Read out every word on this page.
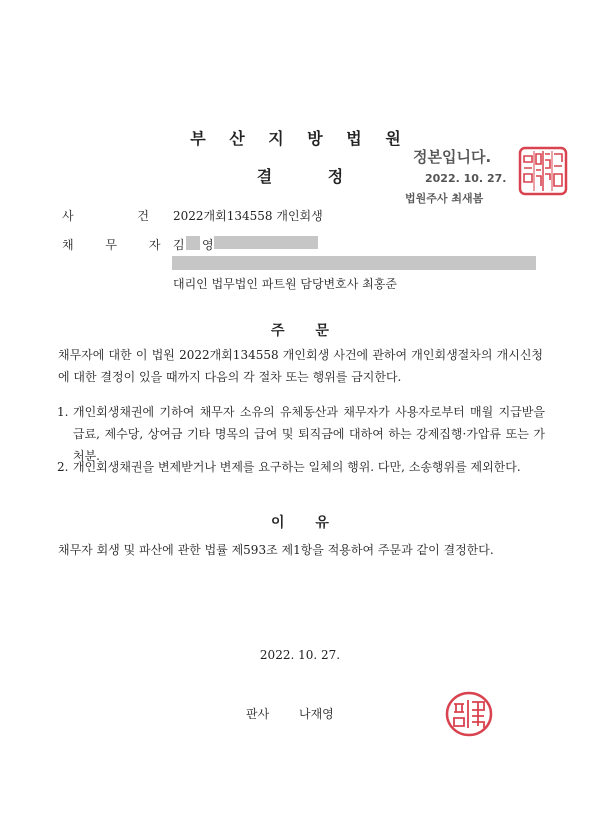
부 산 지 방 법 원
결 정
정본입니다.
2022. 10. 27.
법원주사 최새봄
사 건
2022개회134558 개인회생
채 무 자
김 영
대리인 법무법인 파트원 담당변호사 최홍준
주 문
채무자에 대한 이 법원 2022개회134558 개인회생 사건에 관하여 개인회생절차의 개시신청에 대한 결정이 있을 때까지 다음의 각 절차 또는 행위를 금지한다.
1. 개인회생채권에 기하여 채무자 소유의 유체동산과 채무자가 사용자로부터 매월 지급받을 급료, 제수당, 상여금 기타 명목의 급여 및 퇴직금에 대하여 하는 강제집행·가압류 또는 가처분.
2. 개인회생채권을 변제받거나 변제를 요구하는 일체의 행위. 다만, 소송행위를 제외한다.
이 유
채무자 회생 및 파산에 관한 법률 제593조 제1항을 적용하여 주문과 같이 결정한다.
2022. 10. 27.
판사 나재영
